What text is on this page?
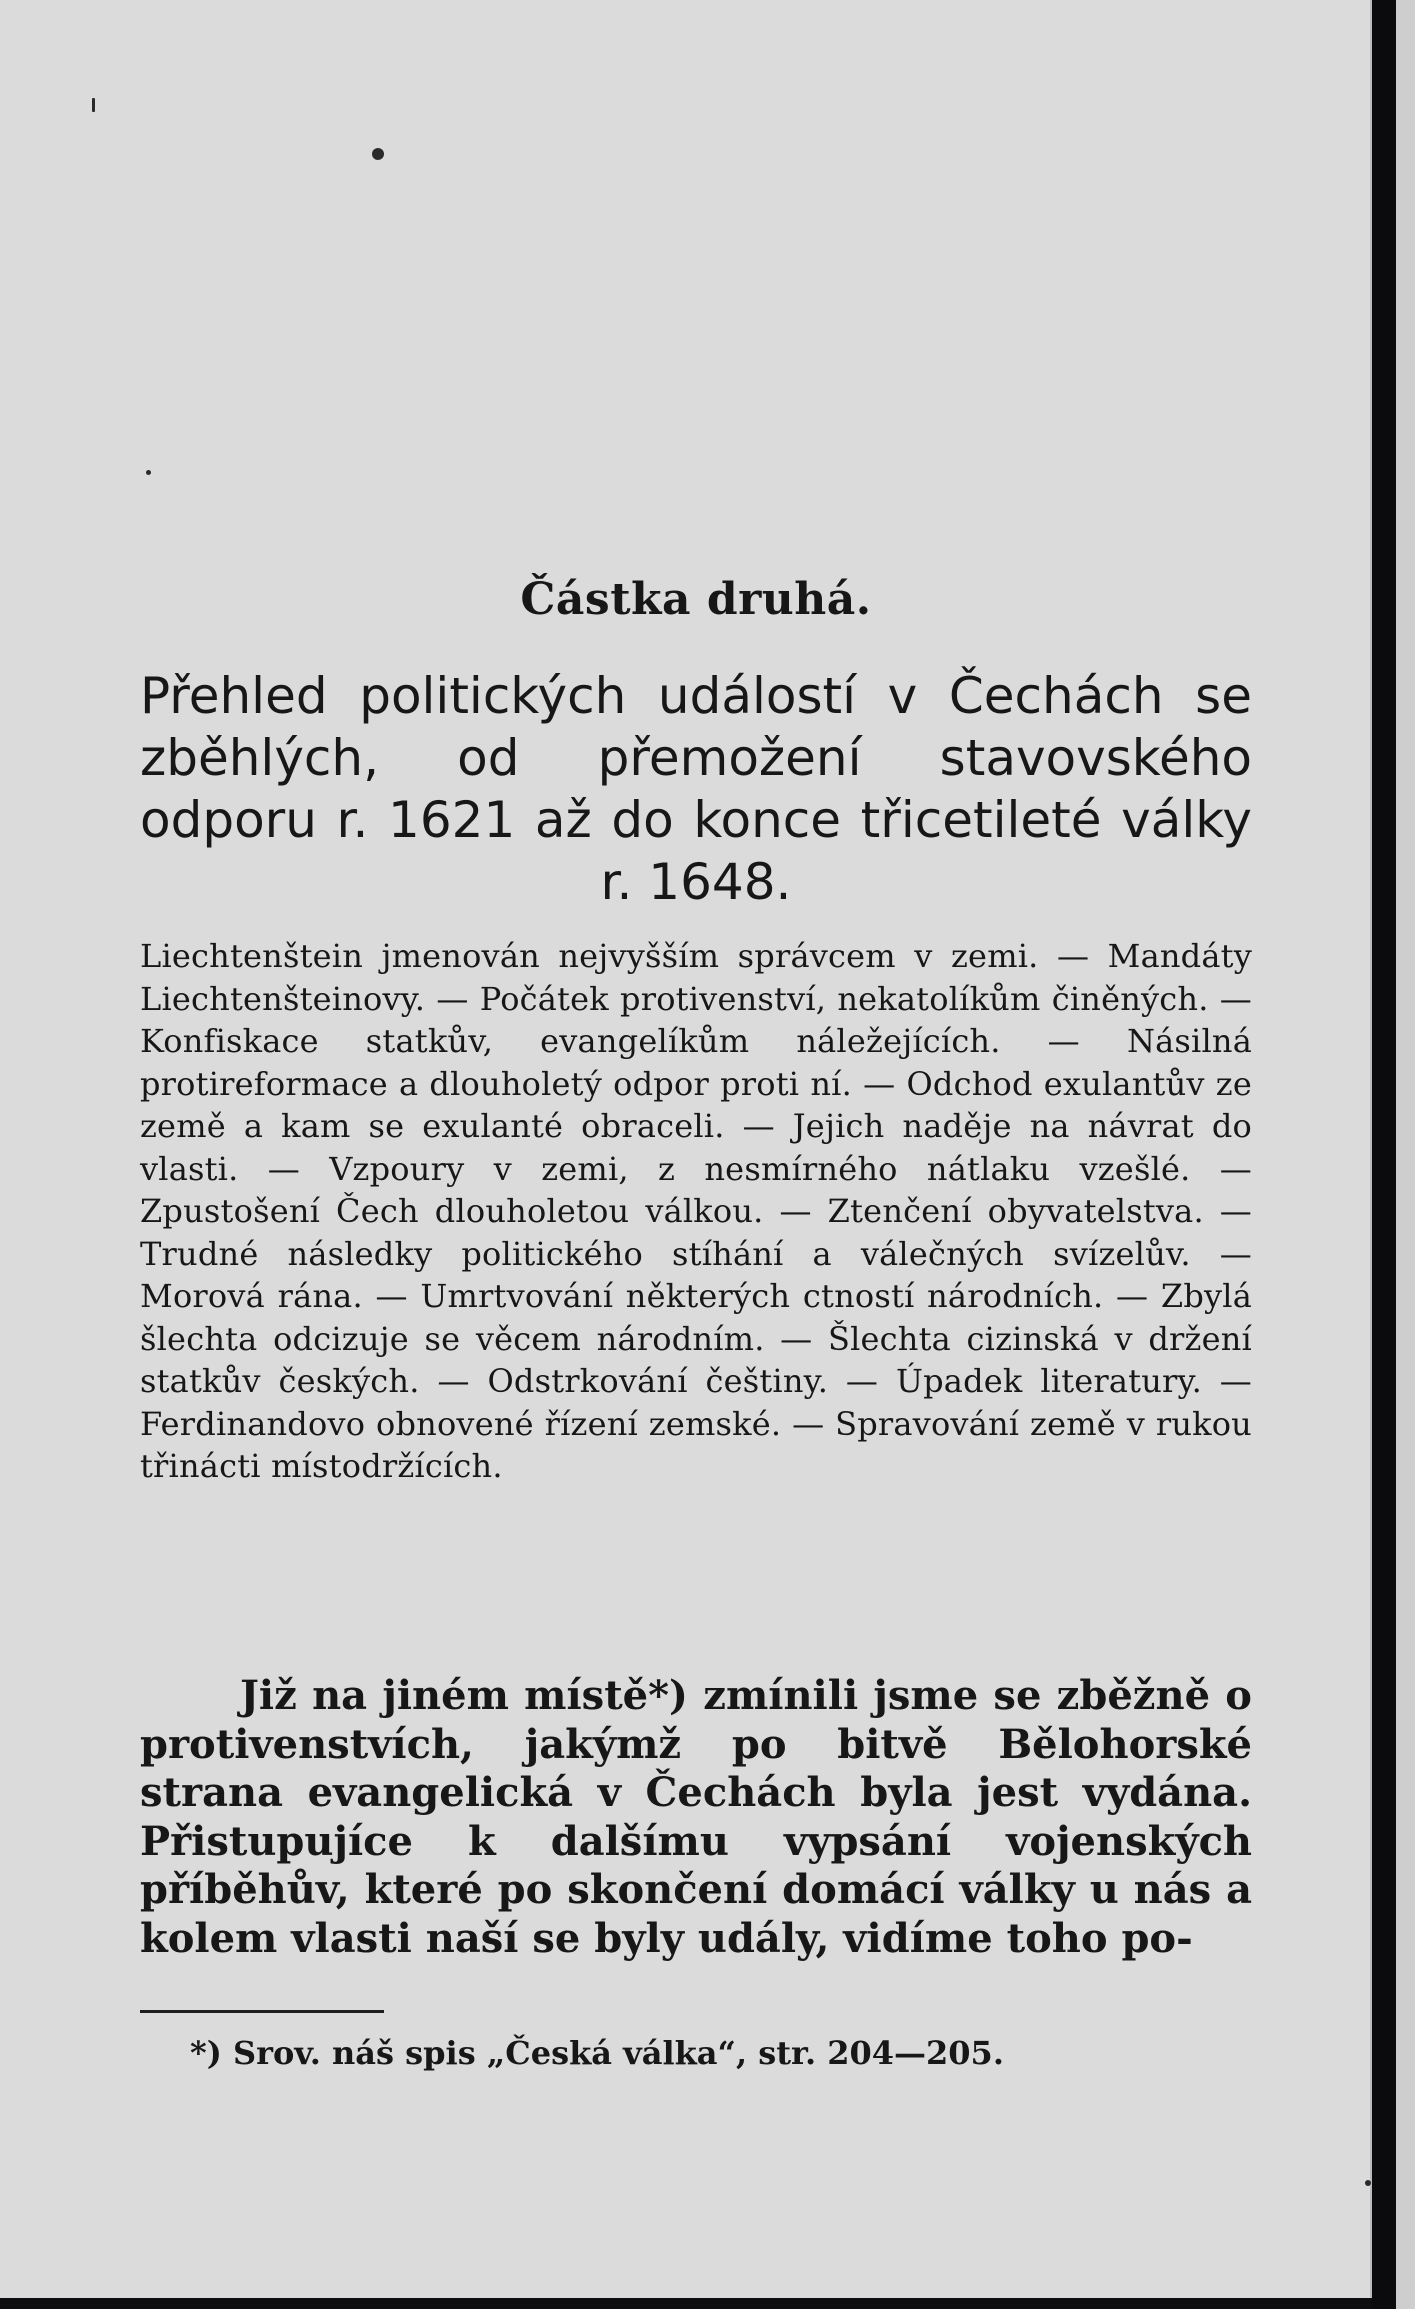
Částka druhá.
Přehled politických událostí v Čechách se zběhlých, od přemožení stavovského odporu r. 1621 až do konce třicetileté války r. 1648.
Liechtenštein jmenován nejvyšším správcem v zemi. — Mandáty Liechtenšteinovy. — Počátek protivenství, nekatolíkům činěných. — Konfiskace statkův, evangelíkům náležejících. — Násilná protireformace a dlouholetý odpor proti ní. — Odchod exulantův ze země a kam se exulanté obraceli. — Jejich naděje na návrat do vlasti. — Vzpoury v zemi, z nesmírného nátlaku vzešlé. — Zpustošení Čech dlouholetou válkou. — Ztenčení obyvatelstva. — Trudné následky politického stíhání a válečných svízelův. — Morová rána. — Umrtvování některých ctností národních. — Zbylá šlechta odcizuje se věcem národním. — Šlechta cizinská v držení statkův českých. — Odstrkování češtiny. — Úpadek literatury. — Ferdinandovo obnovené řízení zemské. — Spravování země v rukou třinácti místodržících.
Již na jiném místě*) zmínili jsme se zběžně o protivenstvích, jakýmž po bitvě Bělohorské strana evangelická v Čechách byla jest vydána. Přistupujíce k dalšímu vypsání vojenských příběhův, které po skončení domácí války u nás a kolem vlasti naší se byly udály, vidíme toho po-
*) Srov. náš spis „Česká válka“, str. 204—205.
